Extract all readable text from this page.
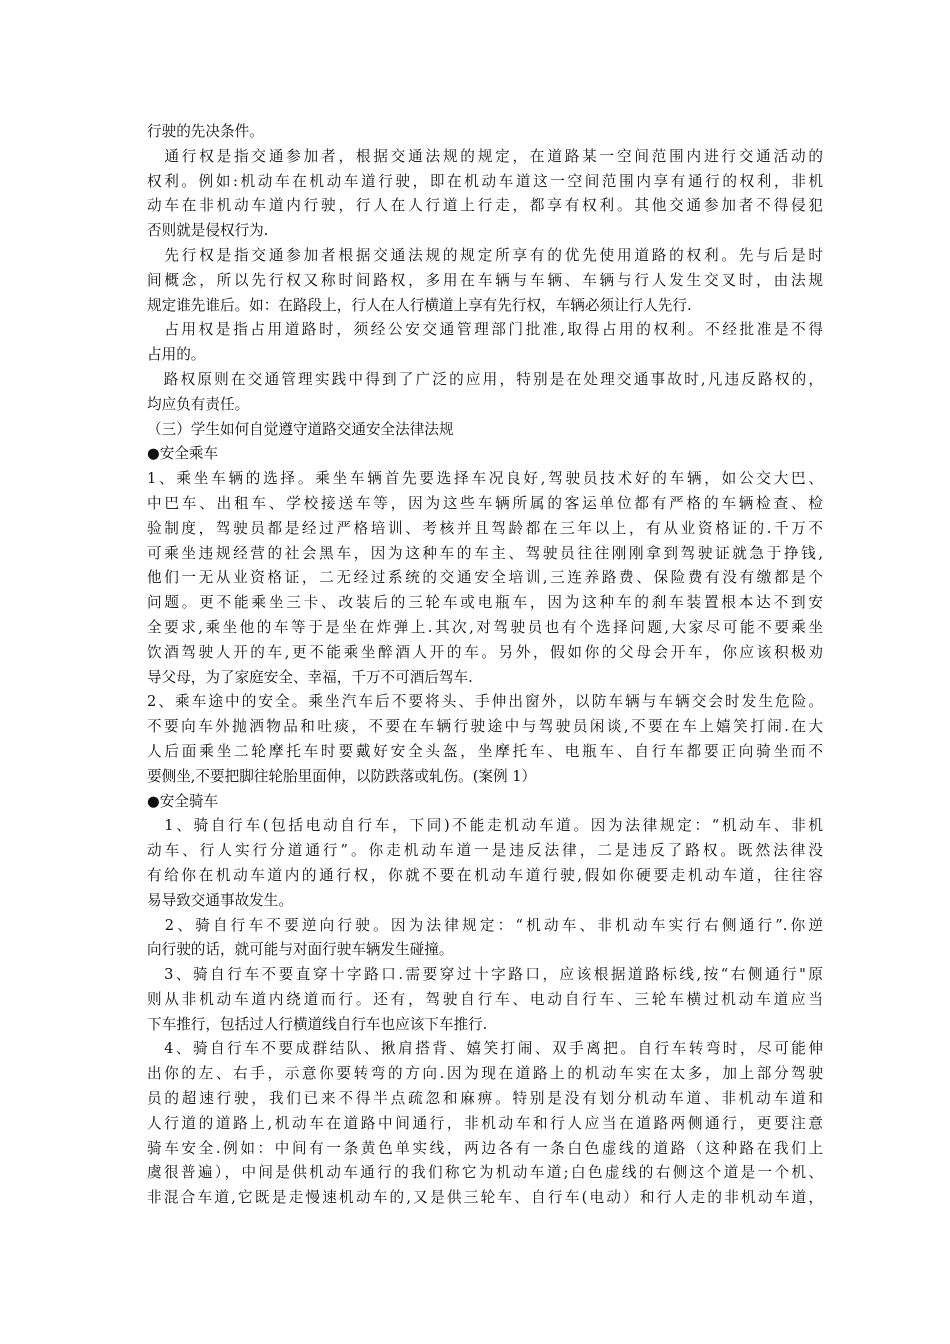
行驶的先决条件。
　通行权是指交通参加者，根据交通法规的规定，在道路某一空间范围内进行交通活动的
权利。例如:机动车在机动车道行驶，即在机动车道这一空间范围内享有通行的权利，非机
动车在非机动车道内行驶，行人在人行道上行走，都享有权利。其他交通参加者不得侵犯
否则就是侵权行为.
　先行权是指交通参加者根据交通法规的规定所享有的优先使用道路的权利。先与后是时
间概念，所以先行权又称时间路权，多用在车辆与车辆、车辆与行人发生交叉时，由法规
规定谁先谁后。如：在路段上，行人在人行横道上享有先行权，车辆必须让行人先行.
　占用权是指占用道路时，须经公安交通管理部门批准,取得占用的权利。不经批准是不得
占用的。
　路权原则在交通管理实践中得到了广泛的应用，特别是在处理交通事故时,凡违反路权的，
均应负有责任。
（三）学生如何自觉遵守道路交通安全法律法规
●安全乘车
1、乘坐车辆的选择。乘坐车辆首先要选择车况良好,驾驶员技术好的车辆，如公交大巴、
中巴车、出租车、学校接送车等，因为这些车辆所属的客运单位都有严格的车辆检查、检
验制度，驾驶员都是经过严格培训、考核并且驾龄都在三年以上，有从业资格证的.千万不
可乘坐违规经营的社会黑车，因为这种车的车主、驾驶员往往刚刚拿到驾驶证就急于挣钱,
他们一无从业资格证，二无经过系统的交通安全培训,三连养路费、保险费有没有缴都是个
问题。更不能乘坐三卡、改装后的三轮车或电瓶车，因为这种车的刹车装置根本达不到安
全要求,乘坐他的车等于是坐在炸弹上.其次,对驾驶员也有个选择问题,大家尽可能不要乘坐
饮酒驾驶人开的车,更不能乘坐醉酒人开的车。另外，假如你的父母会开车，你应该积极劝
导父母，为了家庭安全、幸福，千万不可酒后驾车.
2、乘车途中的安全。乘坐汽车后不要将头、手伸出窗外，以防车辆与车辆交会时发生危险。
不要向车外抛洒物品和吐痰，不要在车辆行驶途中与驾驶员闲谈,不要在车上嬉笑打闹.在大
人后面乘坐二轮摩托车时要戴好安全头盔，坐摩托车、电瓶车、自行车都要正向骑坐而不
要侧坐,不要把脚往轮胎里面伸，以防跌落或轧伤。(案例 1）
●安全骑车
　1、骑自行车(包括电动自行车，下同)不能走机动车道。因为法律规定：“机动车、非机
动车、行人实行分道通行”。你走机动车道一是违反法律，二是违反了路权。既然法律没
有给你在机动车道内的通行权，你就不要在机动车道行驶,假如你硬要走机动车道，往往容
易导致交通事故发生。
　2、骑自行车不要逆向行驶。因为法律规定：“机动车、非机动车实行右侧通行”.你逆
向行驶的话，就可能与对面行驶车辆发生碰撞。
　3、骑自行车不要直穿十字路口.需要穿过十字路口，应该根据道路标线,按“右侧通行"原
则从非机动车道内绕道而行。还有，驾驶自行车、电动自行车、三轮车横过机动车道应当
下车推行，包括过人行横道线自行车也应该下车推行.
　4、骑自行车不要成群结队、揪肩搭背、嬉笑打闹、双手离把。自行车转弯时，尽可能伸
出你的左、右手，示意你要转弯的方向.因为现在道路上的机动车实在太多，加上部分驾驶
员的超速行驶，我们已来不得半点疏忽和麻痹。特别是没有划分机动车道、非机动车道和
人行道的道路上,机动车在道路中间通行，非机动车和行人应当在道路两侧通行，更要注意
骑车安全.例如：中间有一条黄色单实线，两边各有一条白色虚线的道路（这种路在我们上
虞很普遍），中间是供机动车通行的我们称它为机动车道;白色虚线的右侧这个道是一个机、
非混合车道,它既是走慢速机动车的,又是供三轮车、自行车(电动）和行人走的非机动车道，
